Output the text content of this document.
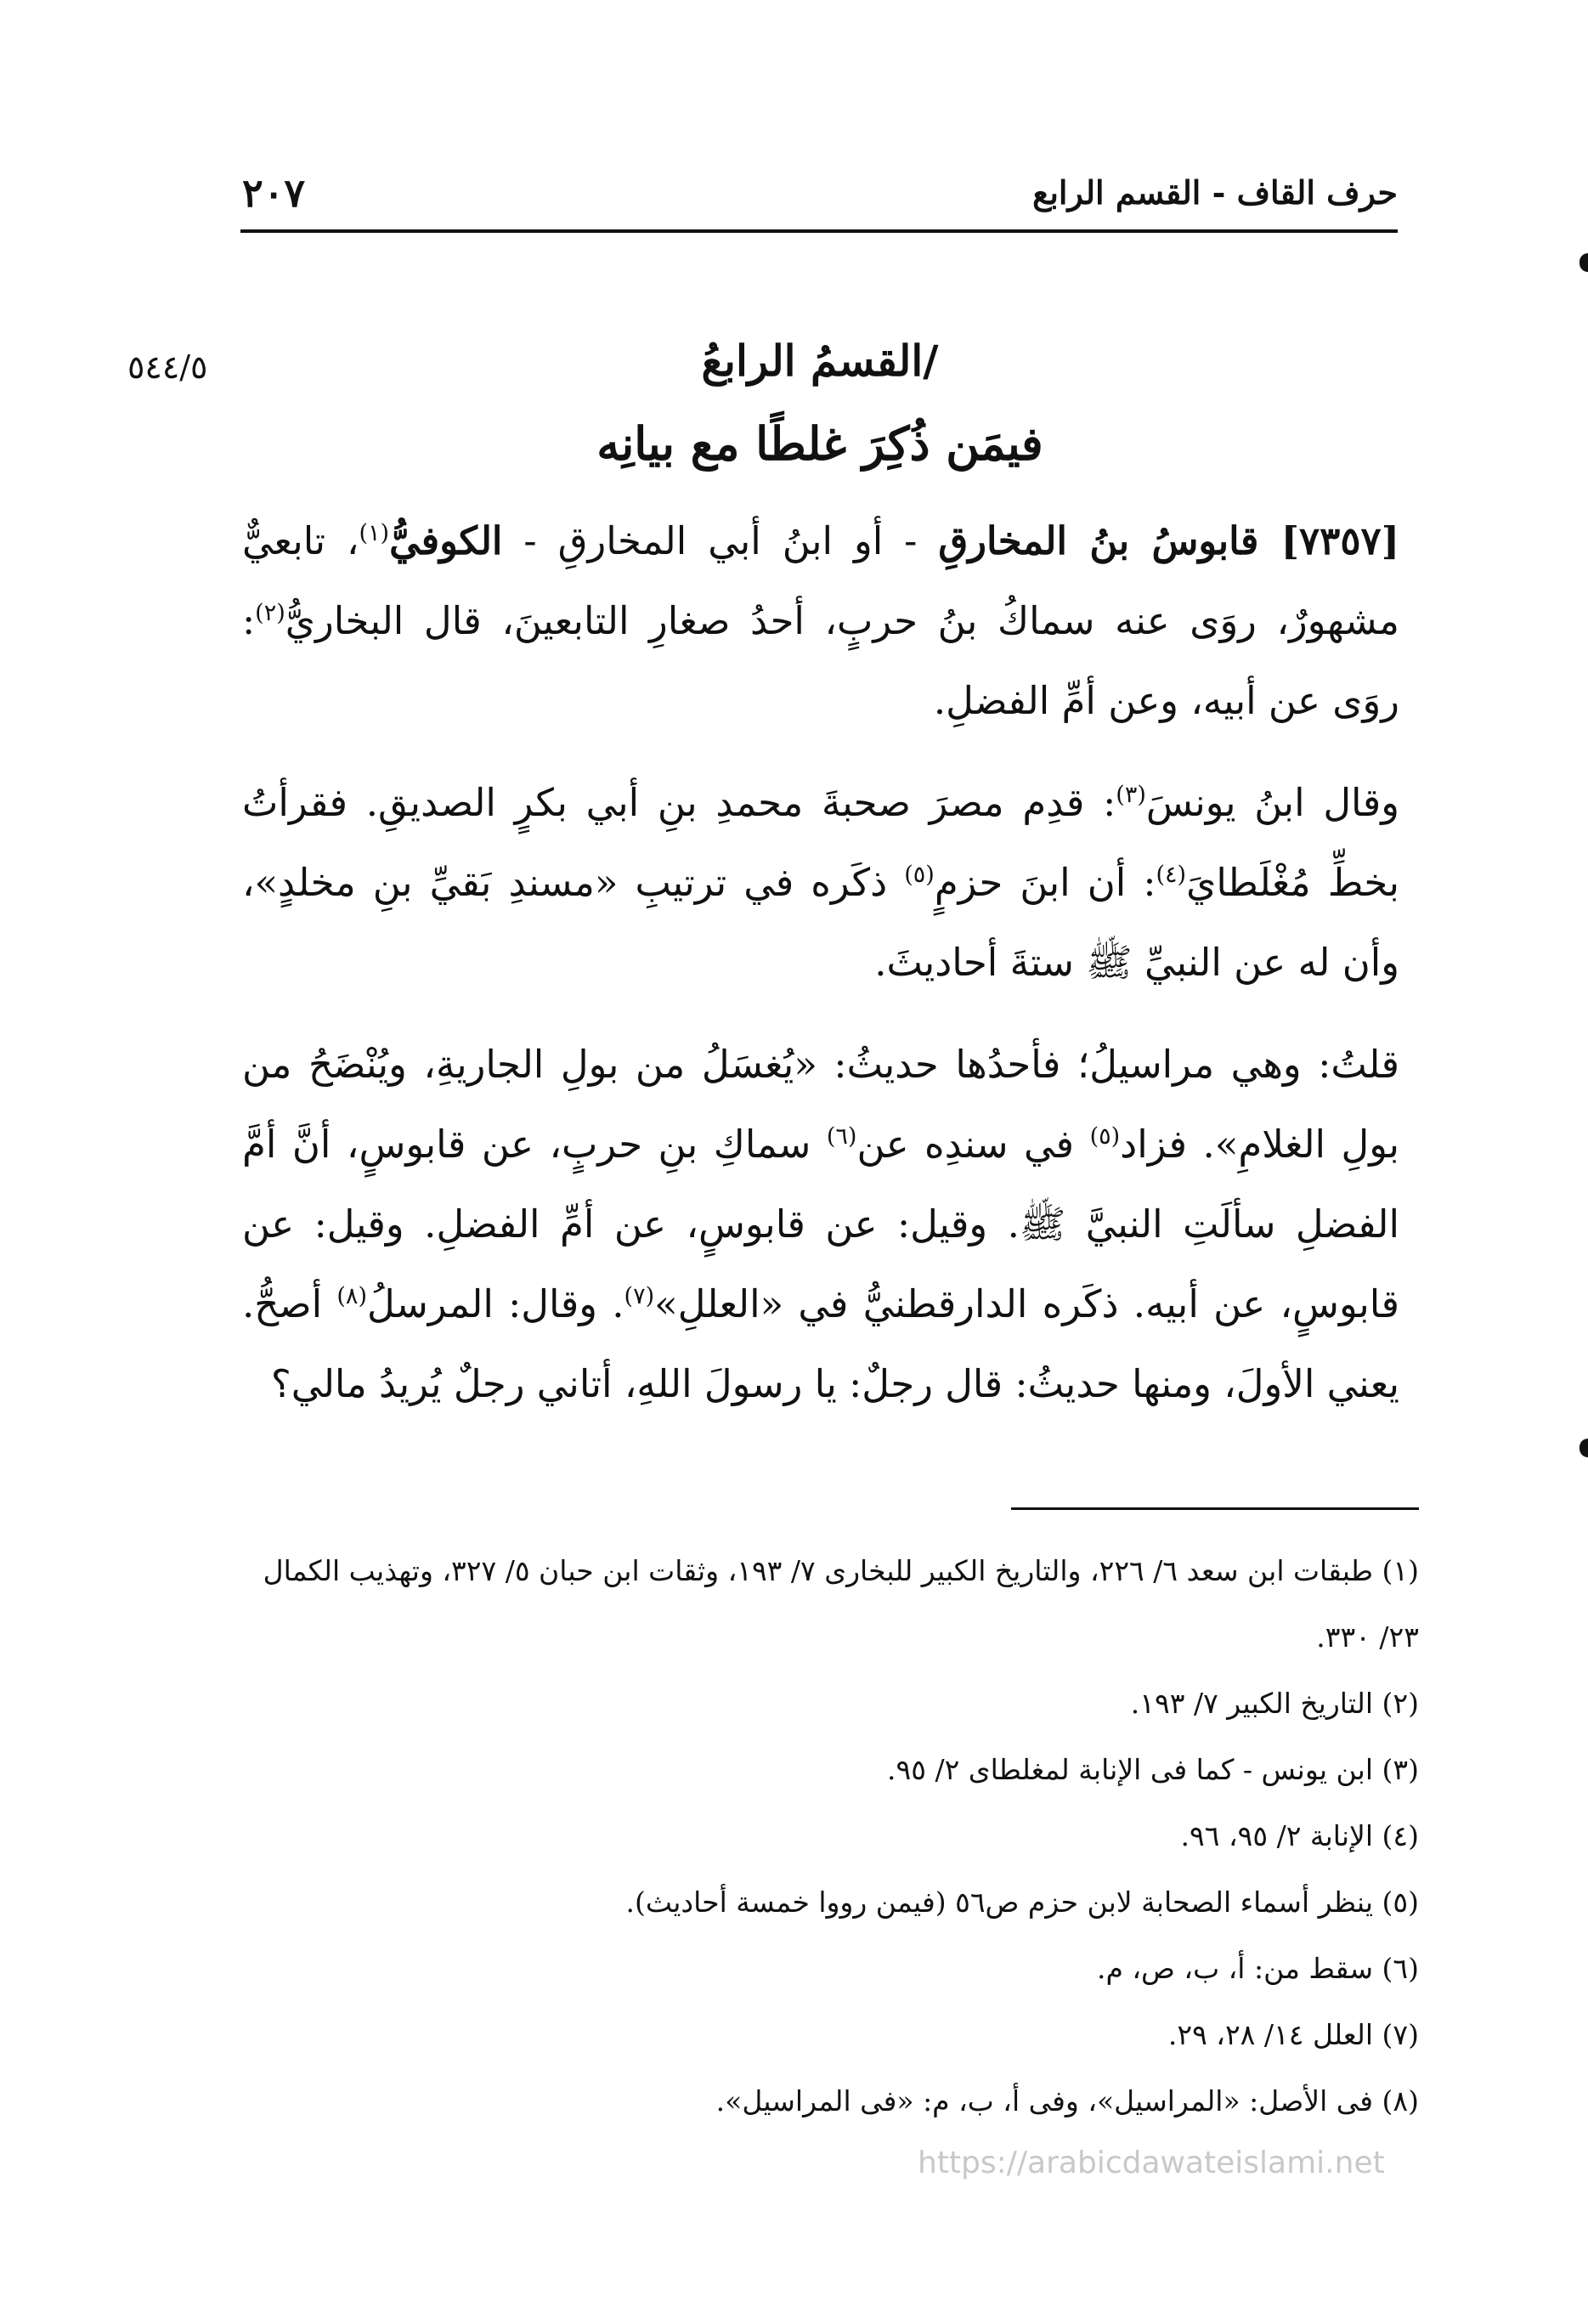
٢٠٧	حرف القاف - القسم الرابع
٥٤٤/٥	/القسمُ الرابعُ
فيمَن ذُكِرَ غلطًا مع بيانِه

[٧٣٥٧] قابوسُ بنُ المخارقِ - أو ابنُ أبي المخارقِ - الكوفيُّ$^{(١)}$، تابعيٌّ مشهورٌ، روَى عنه سماكُ بنُ حربٍ، أحدُ صغارِ التابعينَ، قال البخاريُّ$^{(٢)}$: روَى عن أبيه، وعن أمِّ الفضلِ.

وقال ابنُ يونسَ$^{(٣)}$: قدِم مصرَ صحبةَ محمدِ بنِ أبي بكرٍ الصديقِ. فقرأتُ بخطِّ مُغْلَطايَ$^{(٤)}$: أن ابنَ حزمٍ$^{(٥)}$ ذكَره في ترتيبِ «مسندِ بَقيِّ بنِ مخلدٍ»، وأن له عن النبيِّ ﷺ ستةَ أحاديثَ.

قلتُ: وهي مراسيلُ؛ فأحدُها حديثُ: «يُغسَلُ من بولِ الجاريةِ، ويُنْضَحُ من بولِ الغلامِ». فزاد$^{(٥)}$ في سندِه عن$^{(٦)}$ سماكِ بنِ حربٍ، عن قابوسٍ، أنَّ أمَّ الفضلِ سألَتِ النبيَّ ﷺ. وقيل: عن قابوسٍ، عن أمِّ الفضلِ. وقيل: عن قابوسٍ، عن أبيه. ذكَره الدارقطنيُّ في «العللِ»$^{(٧)}$. وقال: المرسلُ$^{(٨)}$ أصحُّ. يعني الأولَ، ومنها حديثُ: قال رجلٌ: يا رسولَ اللهِ، أتاني رجلٌ يُريدُ مالي؟

(١) طبقات ابن سعد ٦/ ٢٢٦، والتاريخ الكبير للبخارى ٧/ ١٩٣، وثقات ابن حبان ٥/ ٣٢٧، وتهذيب الكمال ٢٣/ ٣٣٠.

(٢) التاريخ الكبير ٧/ ١٩٣.

(٣) ابن يونس - كما فى الإنابة لمغلطاى ٢/ ٩٥.

(٤) الإنابة ٢/ ٩٥، ٩٦.

(٥) ينظر أسماء الصحابة لابن حزم ص٥٦ (فيمن رووا خمسة أحاديث).

(٦) سقط من: أ، ب، ص، م.

(٧) العلل ١٤/ ٢٨، ٢٩.

(٨) فى الأصل: «المراسيل»، وفى أ، ب، م: «فى المراسيل».

https://arabicdawateislami.net
